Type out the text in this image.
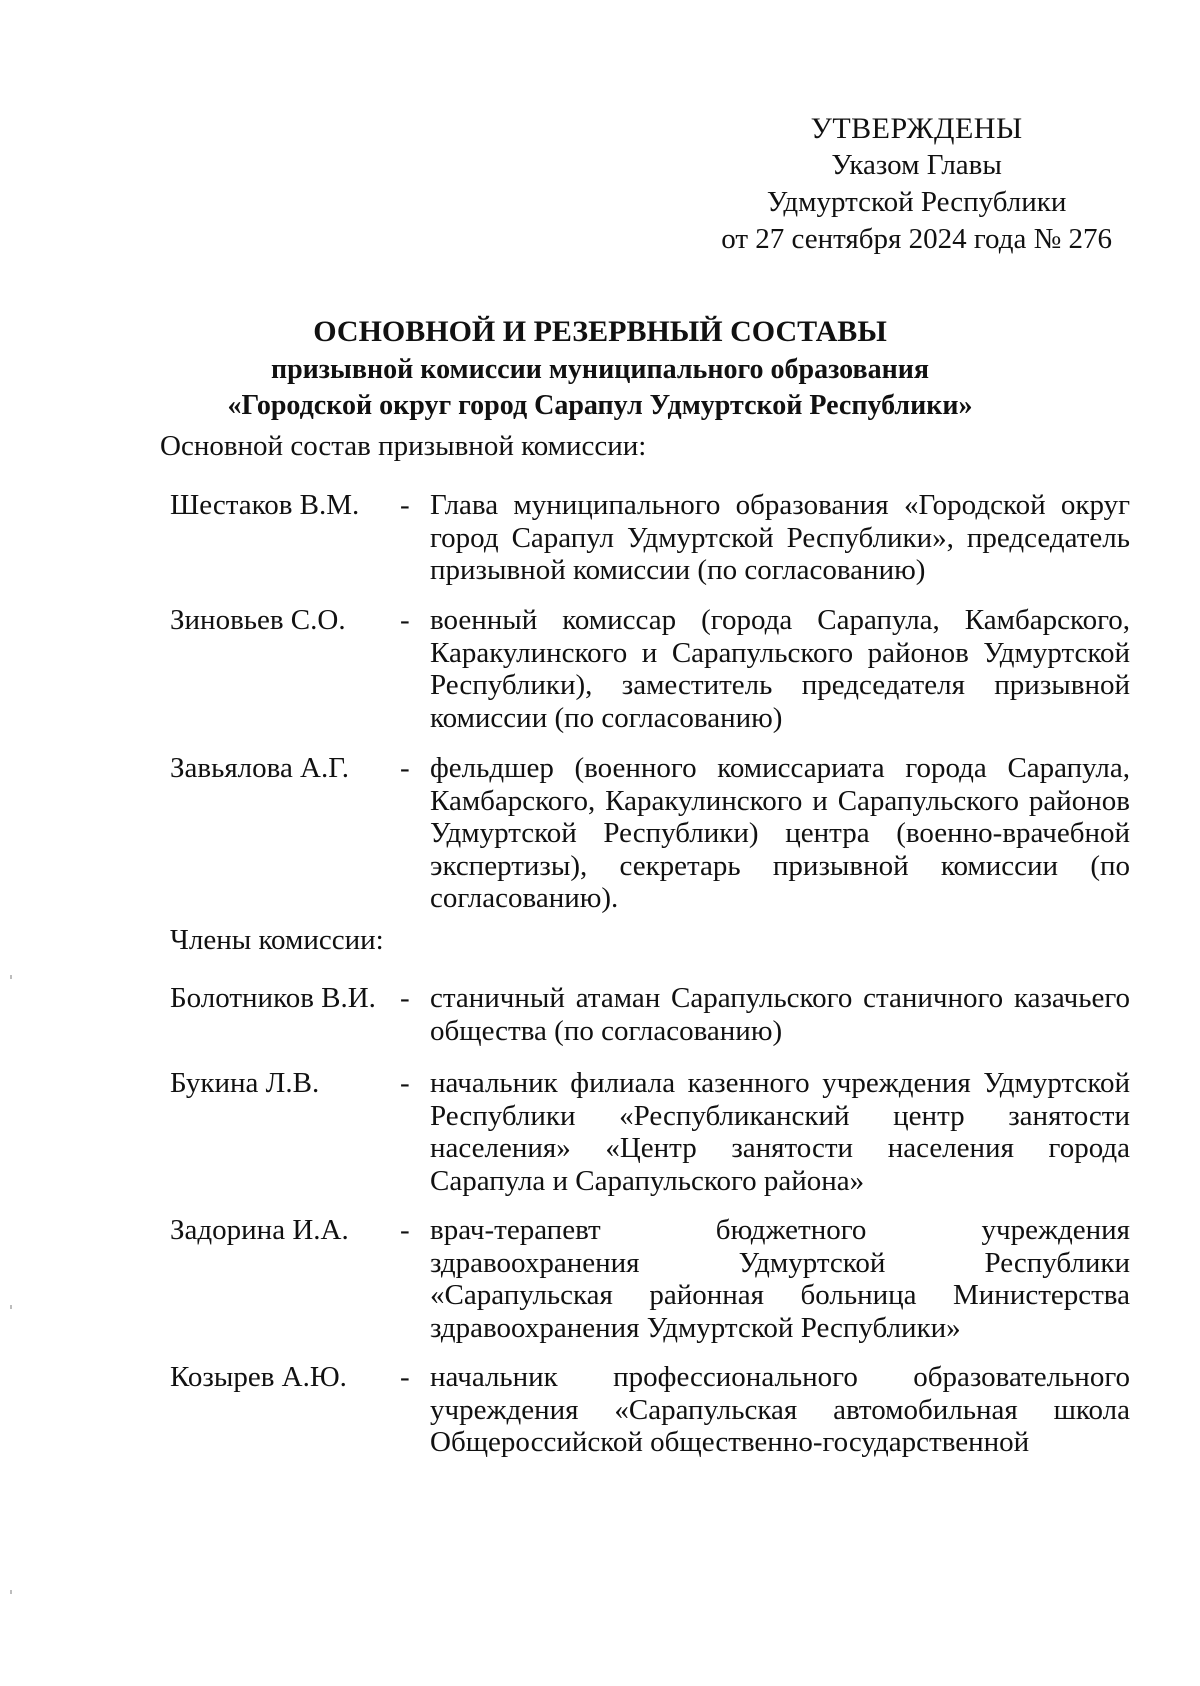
УТВЕРЖДЕНЫ
Указом Главы
Удмуртской Республики
от 27 сентября 2024 года № 276
ОСНОВНОЙ И РЕЗЕРВНЫЙ СОСТАВЫ
призывной комиссии муниципального образования
«Городской округ город Сарапул Удмуртской Республики»
Основной состав призывной комиссии:
Шестаков В.М. - Глава муниципального образования «Городской округ город Сарапул Удмуртской Республики», председатель призывной комиссии (по согласованию)
Зиновьев С.О. - военный комиссар (города Сарапула, Камбарского, Каракулинского и Сарапульского районов Удмуртской Республики), заместитель председателя призывной комиссии (по согласованию)
Завьялова А.Г. - фельдшер (военного комиссариата города Сарапула, Камбарского, Каракулинского и Сарапульского районов Удмуртской Республики) центра (военно-врачебной экспертизы), секретарь призывной комиссии (по согласованию).
Члены комиссии:
Болотников В.И. - станичный атаман Сарапульского станичного казачьего общества (по согласованию)
Букина Л.В.	- начальник филиала казенного учреждения Удмуртской Республики «Республиканский центр занятости населения» «Центр занятости населения города Сарапула и Сарапульского района»
Задорина И.А. - врач-терапевт бюджетного учреждения здравоохранения Удмуртской Республики «Сарапульская районная больница Министерства здравоохранения Удмуртской Республики»
Козырев А.Ю. - начальник профессионального образовательного учреждения «Сарапульская автомобильная школа Общероссийской общественно-государственной
